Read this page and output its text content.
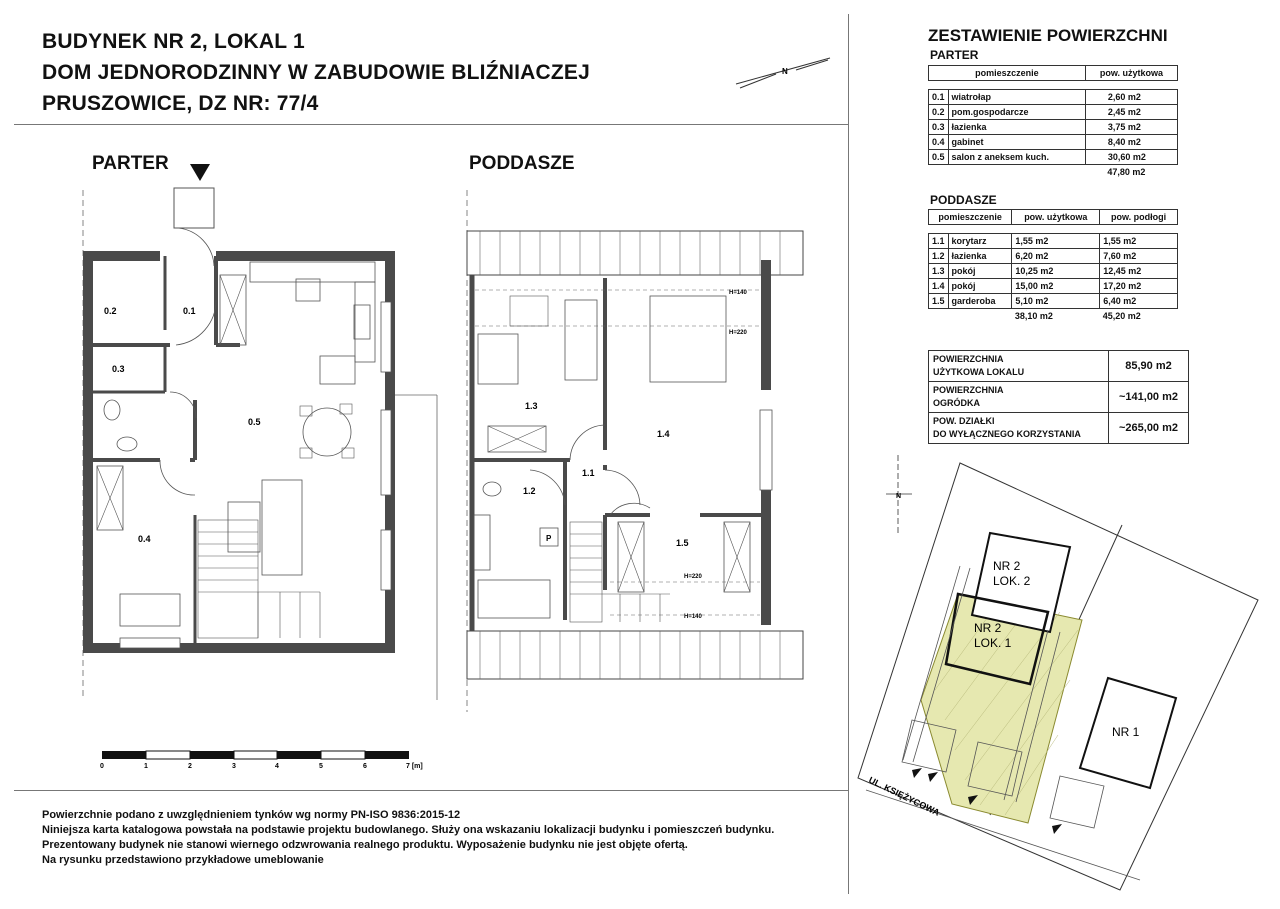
BUDYNEK NR 2, LOKAL 1
DOM JEDNORODZINNY W ZABUDOWIE BLIŹNIACZEJ
PRUSZOWICE, DZ NR: 77/4
N
0.2	0.1
0.3
0.4
0.5
P
H=140
H=220
H=220
H=140
1.3
1.4
1.1
1.2
1.5
0	1	2	3	4	5	6	7 [m]
N
NR 2
LOK. 2
NR 2
LOK. 1
NR 1
UL. KSIĘŻYCOWA
PARTER	PODDASZE
ZESTAWIENIE POWIERZCHNI
PARTER
pomieszczenie		pow. użytkowa

0.1	wiatrołap	2,60 m2
0.2	pom.gospodarcze	2,45 m2
0.3	łazienka	3,75 m2
0.4	gabinet	8,40 m2
0.5	salon z aneksem kuch.	30,60 m2
		47,80 m2
PODDASZE
pomieszczenie		pow. użytkowa	pow. podłogi

1.1	korytarz	1,55 m2	1,55 m2
1.2	łazienka	6,20 m2	7,60 m2
1.3	pokój	10,25 m2	12,45 m2
1.4	pokój	15,00 m2	17,20 m2
1.5	garderoba	5,10 m2	6,40 m2
		38,10 m2	45,20 m2
POWIERZCHNIA
UŻYTKOWA LOKALU	85,90 m2
POWIERZCHNIA
OGRÓDKA	~141,00 m2
POW. DZIAŁKI
DO WYŁĄCZNEGO KORZYSTANIA	~265,00 m2
Powierzchnie podano z uwzględnieniem tynków wg normy PN-ISO 9836:2015-12
Niniejsza karta katalogowa powstała na podstawie projektu budowlanego. Służy ona wskazaniu lokalizacji budynku i pomieszczeń budynku.
Prezentowany budynek nie stanowi wiernego odzwrowania realnego produktu. Wyposażenie budynku nie jest objęte ofertą.
Na rysunku przedstawiono przykładowe umeblowanie
